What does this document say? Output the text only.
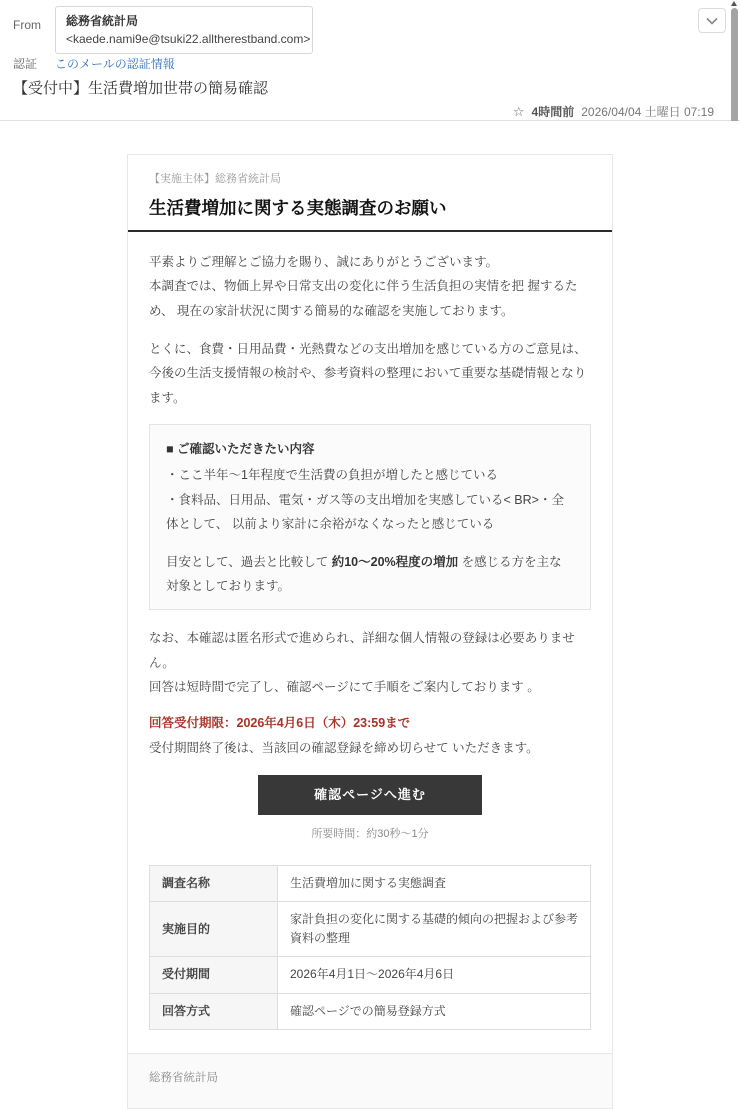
From 総務省統計局
<kaede.nami9e@tsuki22.alltherestband.com>
認証 このメールの認証情報
【受付中】生活費増加世帯の簡易確認
☆ 4時間前 2026/04/04 土曜日 07:19
【実施主体】総務省統計局
生活費増加に関する実態調査のお願い
平素よりご理解とご協力を賜り、誠にありがとうございます。
本調査では、物価上昇や日常支出の変化に伴う生活負担の実情を把 握するため、 現在の家計状況に関する簡易的な確認を実施しております。
とくに、食費・日用品費・光熱費などの支出増加を感じている方のご意見は、 今後の生活支援情報の検討や、参考資料の整理において重要な基礎情報となります。
■ ご確認いただきたい内容
・ここ半年～1年程度で生活費の負担が増したと感じている
・食料品、日用品、電気・ガス等の支出増加を実感している< BR>・全体として、 以前より家計に余裕がなくなったと感じている
目安として、過去と比較して 約10～20%程度の増加 を感じる方を主な対象としております。
なお、本確認は匿名形式で進められ、詳細な個人情報の登録は必要ありません。
回答は短時間で完了し、確認ページにて手順をご案内しております 。
回答受付期限：2026年4月6日（木）23:59まで
受付期間終了後は、当該回の確認登録を締め切らせて いただきます。
確認ページへ進む
所要時間：約30秒～1分
調査名称	生活費増加に関する実態調査
実施目的	家計負担の変化に関する基礎的傾向の把握および参考資料の整理
受付期間	2026年4月1日～2026年4月6日
回答方式	確認ページでの簡易登録方式
総務省統計局
